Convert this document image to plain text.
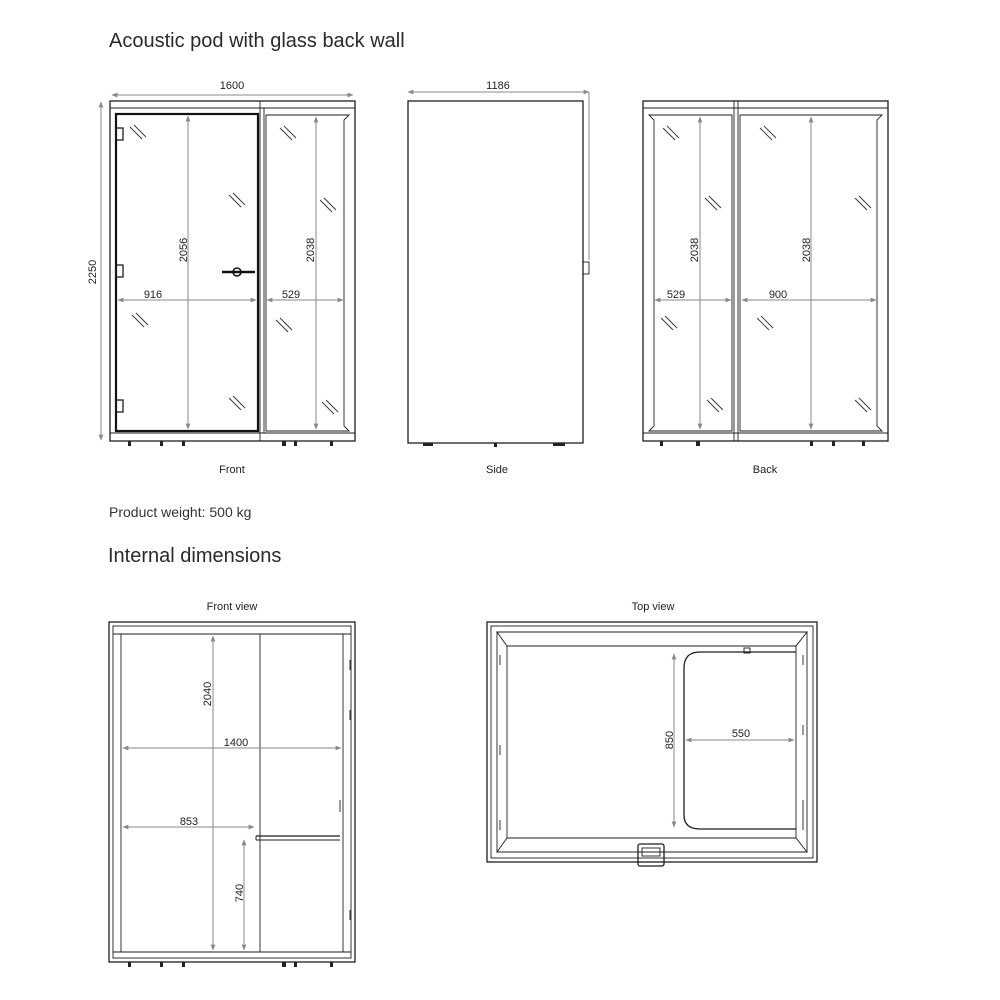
Acoustic pod with glass back wall
Product weight: 500 kg
Internal dimensions
1600
2250
2056
916
2038
529
Front
1186
Side
2038
529
2038
900
Back
Front view
2040
1400
853
740
Top view
850	550
